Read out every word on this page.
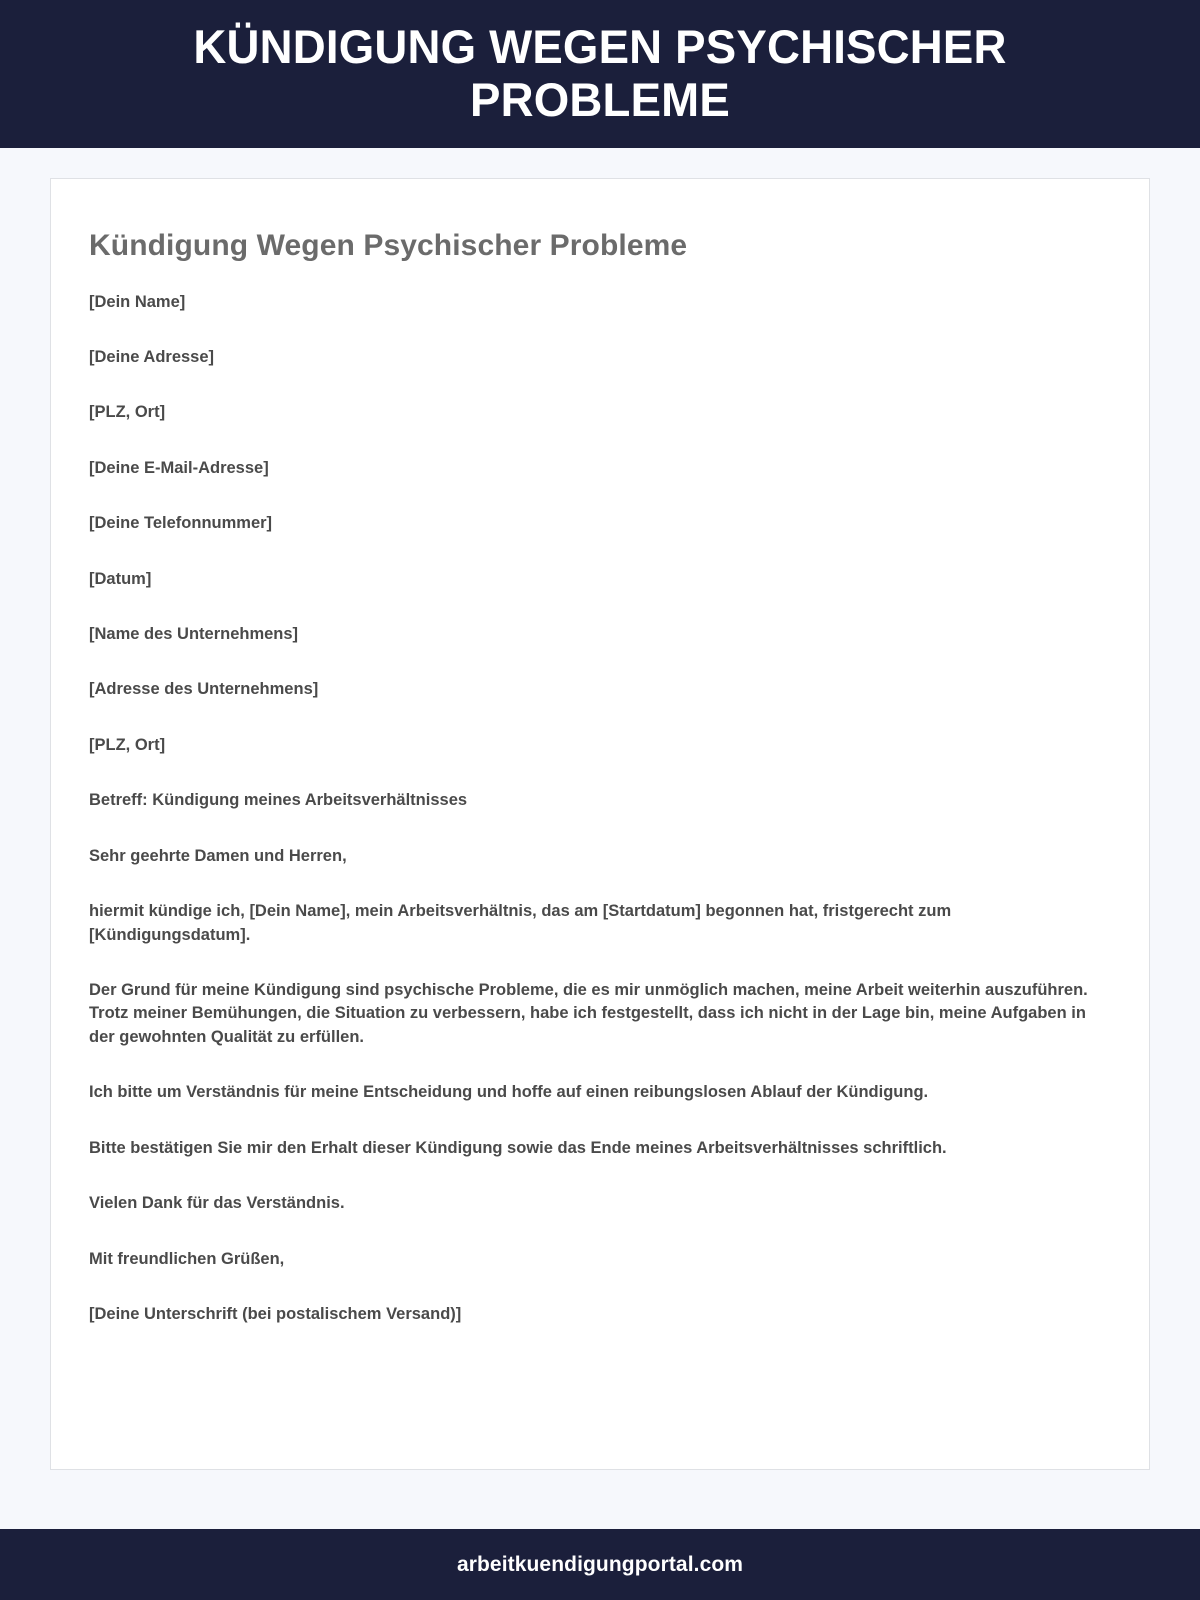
KÜNDIGUNG WEGEN PSYCHISCHER PROBLEME
Kündigung Wegen Psychischer Probleme

[Dein Name]

[Deine Adresse]

[PLZ, Ort]

[Deine E-Mail-Adresse]

[Deine Telefonnummer]

[Datum]

[Name des Unternehmens]

[Adresse des Unternehmens]

[PLZ, Ort]

Betreff: Kündigung meines Arbeitsverhältnisses

Sehr geehrte Damen und Herren,

hiermit kündige ich, [Dein Name], mein Arbeitsverhältnis, das am [Startdatum] begonnen hat, fristgerecht zum [Kündigungsdatum].

Der Grund für meine Kündigung sind psychische Probleme, die es mir unmöglich machen, meine Arbeit weiterhin auszuführen. Trotz meiner Bemühungen, die Situation zu verbessern, habe ich festgestellt, dass ich nicht in der Lage bin, meine Aufgaben in der gewohnten Qualität zu erfüllen.

Ich bitte um Verständnis für meine Entscheidung und hoffe auf einen reibungslosen Ablauf der Kündigung.

Bitte bestätigen Sie mir den Erhalt dieser Kündigung sowie das Ende meines Arbeitsverhältnisses schriftlich.

Vielen Dank für das Verständnis.

Mit freundlichen Grüßen,

[Deine Unterschrift (bei postalischem Versand)]

arbeitkuendigungportal.com
